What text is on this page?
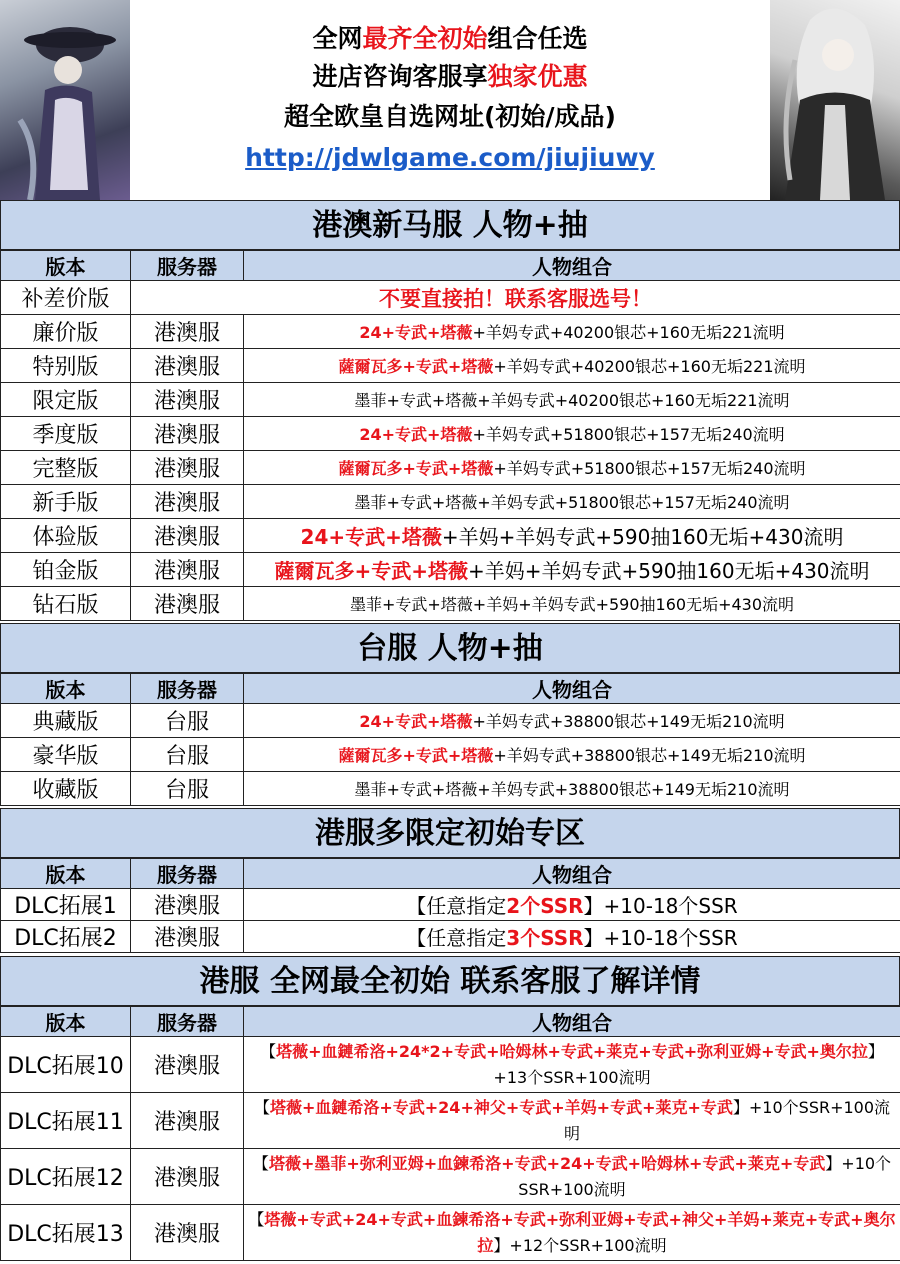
全网最齐全初始组合任选
进店咨询客服享独家优惠
超全欧皇自选网址(初始/成品)
http://jdwlgame.com/jiujiuwy
港澳新马服 人物+抽
版本	服务器	人物组合
补差价版	不要直接拍！联系客服选号！	
廉价版	港澳服	24+专武+塔薇+羊妈专武+40200银芯+160无垢221流明
特别版	港澳服	薩爾瓦多+专武+塔薇+羊妈专武+40200银芯+160无垢221流明
限定版	港澳服	墨菲+专武+塔薇+羊妈专武+40200银芯+160无垢221流明
季度版	港澳服	24+专武+塔薇+羊妈专武+51800银芯+157无垢240流明
完整版	港澳服	薩爾瓦多+专武+塔薇+羊妈专武+51800银芯+157无垢240流明
新手版	港澳服	墨菲+专武+塔薇+羊妈专武+51800银芯+157无垢240流明
体验版	港澳服	24+专武+塔薇+羊妈+羊妈专武+590抽160无垢+430流明
铂金版	港澳服	薩爾瓦多+专武+塔薇+羊妈+羊妈专武+590抽160无垢+430流明
钻石版	港澳服	墨菲+专武+塔薇+羊妈+羊妈专武+590抽160无垢+430流明
台服 人物+抽
版本	服务器	人物组合
典藏版	台服	24+专武+塔薇+羊妈专武+38800银芯+149无垢210流明
豪华版	台服	薩爾瓦多+专武+塔薇+羊妈专武+38800银芯+149无垢210流明
收藏版	台服	墨菲+专武+塔薇+羊妈专武+38800银芯+149无垢210流明
港服多限定初始专区
版本	服务器	人物组合
DLC拓展1	港澳服	【任意指定2个SSR】+10-18个SSR
DLC拓展2	港澳服	【任意指定3个SSR】+10-18个SSR
港服 全网最全初始 联系客服了解详情
版本	服务器	人物组合
DLC拓展10	港澳服	【塔薇+血鏈希洛+24*2+专武+哈姆林+专武+莱克+专武+弥利亚姆+专武+奥尔拉】+13个SSR+100流明
DLC拓展11	港澳服	【塔薇+血鏈希洛+专武+24+神父+专武+羊妈+专武+莱克+专武】+10个SSR+100流明
DLC拓展12	港澳服	【塔薇+墨菲+弥利亚姆+血鍊希洛+专武+24+专武+哈姆林+专武+莱克+专武】+10个SSR+100流明
DLC拓展13	港澳服	【塔薇+专武+24+专武+血鍊希洛+专武+弥利亚姆+专武+神父+羊妈+莱克+专武+奥尔拉】+12个SSR+100流明
